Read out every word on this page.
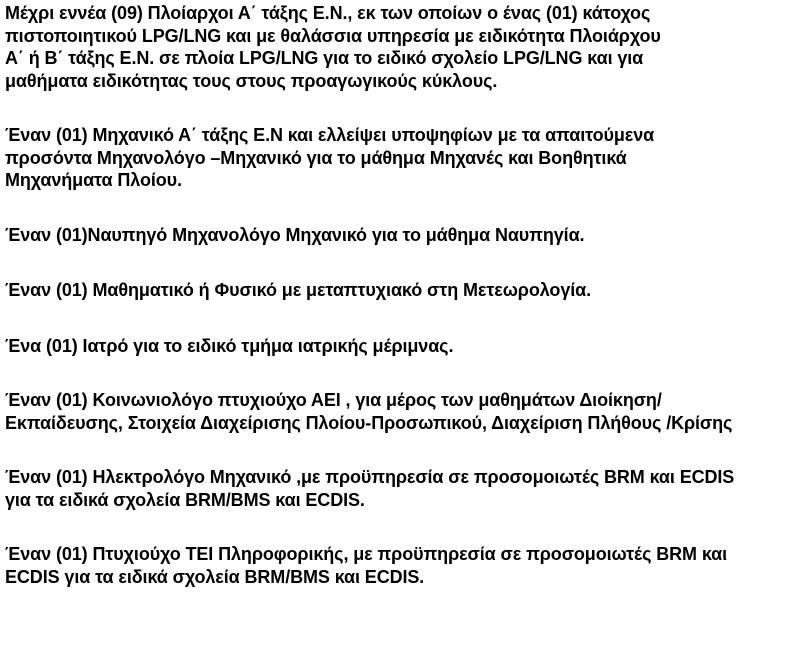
Μέχρι εννέα (09) Πλοίαρχοι Α΄ τάξης Ε.Ν., εκ των οποίων ο ένας (01) κάτοχος
πιστοποιητικού LPG/LNG και με θαλάσσια υπηρεσία με ειδικότητα Πλοιάρχου
Α΄ ή Β΄ τάξης Ε.Ν. σε πλοία LPG/LNG για το ειδικό σχολείο LPG/LNG και για
μαθήματα ειδικότητας τους στους προαγωγικούς κύκλους.

Έναν (01) Μηχανικό Α΄ τάξης Ε.Ν και ελλείψει υποψηφίων με τα απαιτούμενα
προσόντα Μηχανολόγο –Μηχανικό για το μάθημα Μηχανές και Βοηθητικά
Μηχανήματα Πλοίου.

Έναν (01)Ναυπηγό Μηχανολόγο Μηχανικό για το μάθημα Ναυπηγία.

Έναν (01) Μαθηματικό ή Φυσικό με μεταπτυχιακό στη Μετεωρολογία.

Ένα (01) Ιατρό για το ειδικό τμήμα ιατρικής μέριμνας.

Έναν (01) Κοινωνιολόγο πτυχιούχο ΑΕΙ , για μέρος των μαθημάτων Διοίκηση/
Εκπαίδευσης, Στοιχεία Διαχείρισης Πλοίου-Προσωπικού, Διαχείριση Πλήθους /Κρίσης

Έναν (01) Ηλεκτρολόγο Μηχανικό ,με προϋπηρεσία σε προσομοιωτές BRM και ECDIS
για τα ειδικά σχολεία BRM/BMS και ECDIS.

Έναν (01) Πτυχιούχο ΤΕΙ Πληροφορικής, με προϋπηρεσία σε προσομοιωτές BRM και
ECDIS για τα ειδικά σχολεία BRM/BMS και ECDIS.
